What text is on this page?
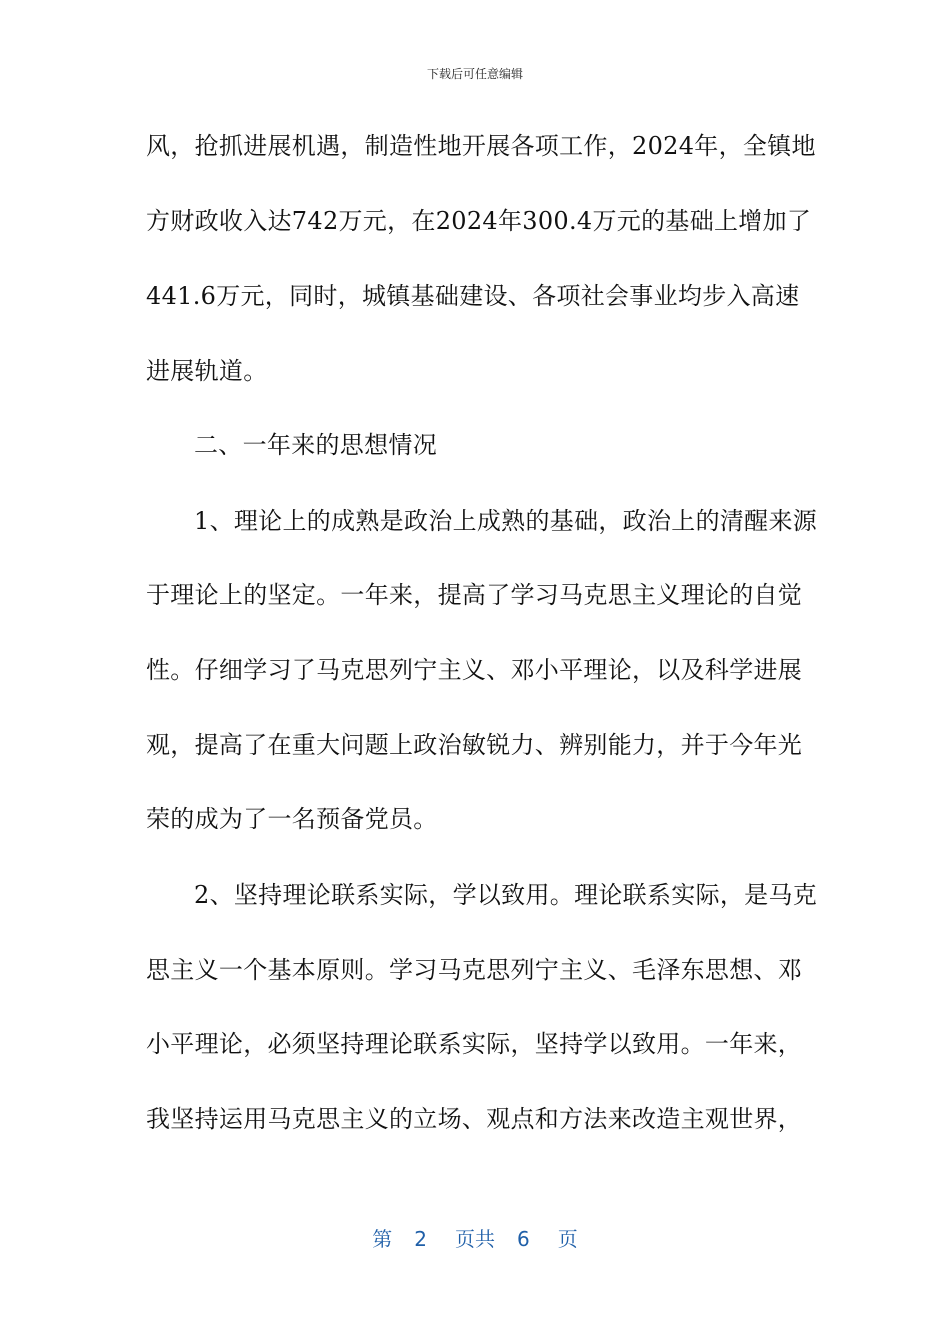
下载后可任意编辑
风，抢抓进展机遇，制造性地开展各项工作，2024年，全镇地
方财政收入达742万元，在2024年300.4万元的基础上增加了
441.6万元，同时，城镇基础建设、各项社会事业均步入高速
进展轨道。
二、一年来的思想情况
1、理论上的成熟是政治上成熟的基础，政治上的清醒来源
于理论上的坚定。一年来，提高了学习马克思主义理论的自觉
性。仔细学习了马克思列宁主义、邓小平理论，以及科学进展
观，提高了在重大问题上政治敏锐力、辨别能力，并于今年光
荣的成为了一名预备党员。
2、坚持理论联系实际，学以致用。理论联系实际，是马克
思主义一个基本原则。学习马克思列宁主义、毛泽东思想、邓
小平理论，必须坚持理论联系实际，坚持学以致用。一年来，
我坚持运用马克思主义的立场、观点和方法来改造主观世界，
第 2 页共 6 页
